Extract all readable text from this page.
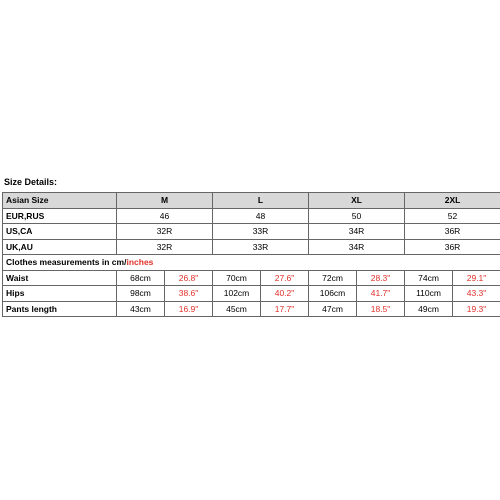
Size Details:
Asian Size	M		L		XL		2XL	
EUR,RUS	46		48		50		52	
US,CA	32R		33R		34R		36R	
UK,AU	32R		33R		34R		36R	
Clothes measurements in cm/inches								
Waist	68cm	26.8"	70cm	27.6"	72cm	28.3"	74cm	29.1"
Hips	98cm	38.6"	102cm	40.2"	106cm	41.7"	110cm	43.3"
Pants length	43cm	16.9"	45cm	17.7"	47cm	18.5"	49cm	19.3"
